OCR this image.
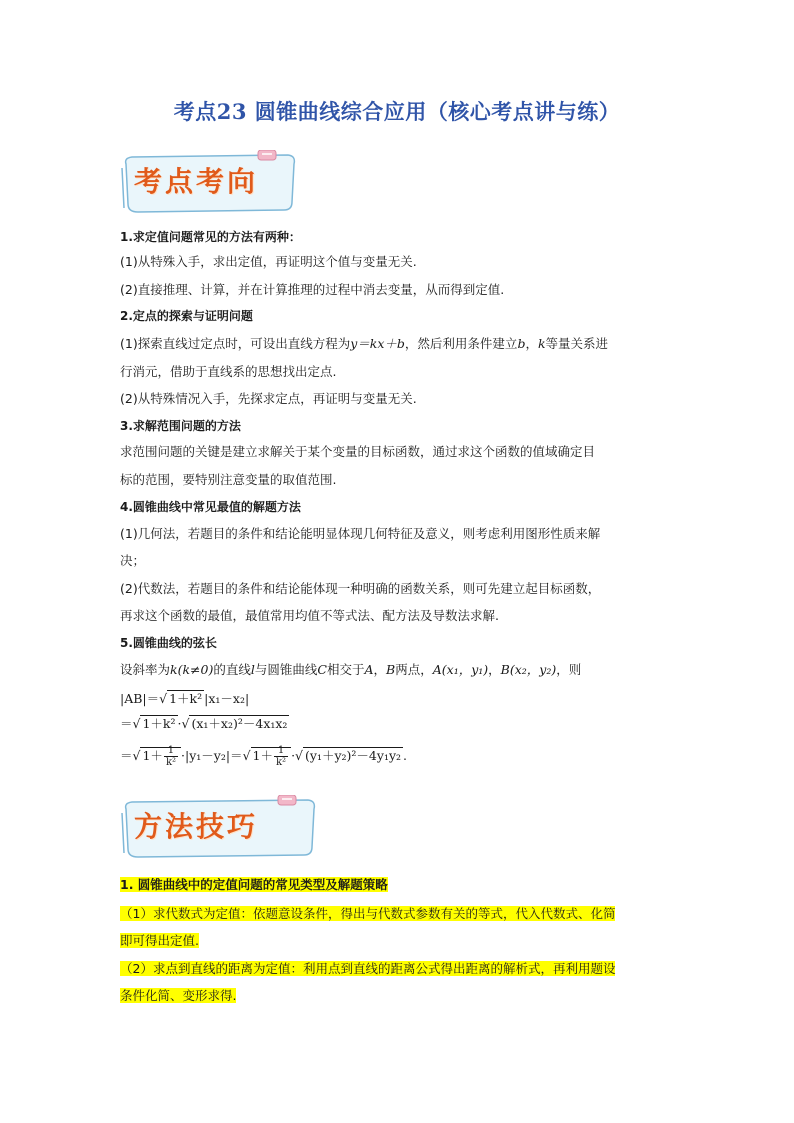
考点23 圆锥曲线综合应用（核心考点讲与练）
考点考向
1.求定值问题常见的方法有两种：
(1)从特殊入手，求出定值，再证明这个值与变量无关.
(2)直接推理、计算，并在计算推理的过程中消去变量，从而得到定值.
2.定点的探索与证明问题
(1)探索直线过定点时，可设出直线方程为y＝kx＋b，然后利用条件建立b，k等量关系进
行消元，借助于直线系的思想找出定点.
(2)从特殊情况入手，先探求定点，再证明与变量无关.
3.求解范围问题的方法
求范围问题的关键是建立求解关于某个变量的目标函数，通过求这个函数的值域确定目
标的范围，要特别注意变量的取值范围.
4.圆锥曲线中常见最值的解题方法
(1)几何法，若题目的条件和结论能明显体现几何特征及意义，则考虑利用图形性质来解
决；
(2)代数法，若题目的条件和结论能体现一种明确的函数关系，则可先建立起目标函数，
再求这个函数的最值，最值常用均值不等式法、配方法及导数法求解.
5.圆锥曲线的弦长
设斜率为k(k≠0)的直线l与圆锥曲线C相交于A，B两点，A(x₁，y₁)，B(x₂，y₂)，则
|AB|＝√ 1＋k² |x₁－x₂|
＝√ 1＋k² ·√ (x₁＋x₂)²－4x₁x₂
＝√ $1+ \frac{1}{\text{k²}} \cdot|y_1-y_2|=√$ $1+ \frac{1}{\text{k²}}$ ·√ (y₁＋y₂)²－4y₁y₂ .
方法技巧
1. 圆锥曲线中的定值问题的常见类型及解题策略
（1）求代数式为定值：依题意设条件，得出与代数式参数有关的等式，代入代数式、化简
即可得出定值.
（2）求点到直线的距离为定值：利用点到直线的距离公式得出距离的解析式，再利用题设
条件化简、变形求得.
